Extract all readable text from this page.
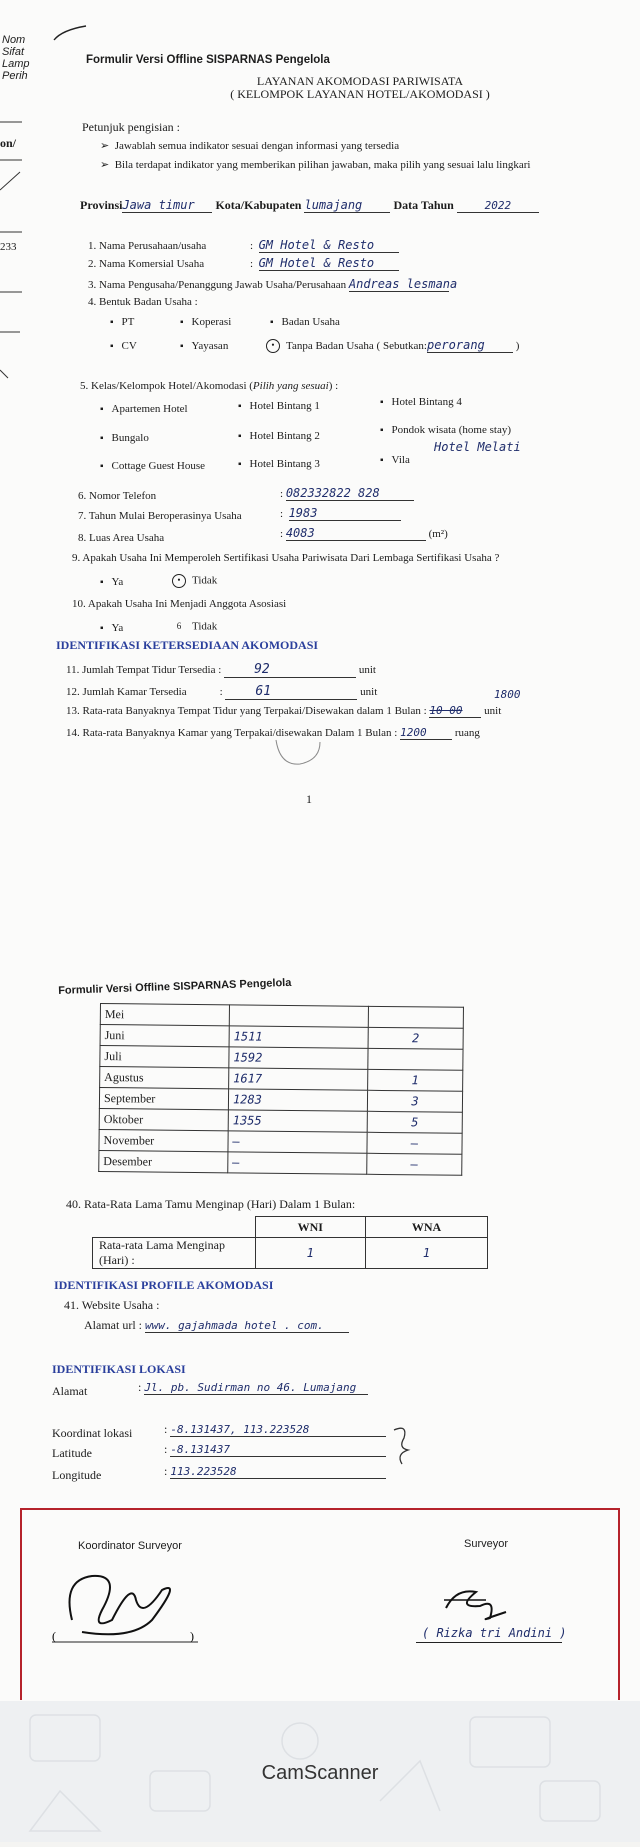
Nom
Sifat
Lamp
Perih
on/
233
Formulir Versi Offline SISPARNAS Pengelola
LAYANAN AKOMODASI PARIWISATA
( KELOMPOK LAYANAN HOTEL/AKOMODASI )
Petunjuk pengisian :
➢  Jawablah semua indikator sesuai dengan informasi yang tersedia
➢  Bila terdapat indikator yang memberikan pilihan jawaban, maka pilih yang sesuai lalu lingkari
ProvinsiJawa timur Kota/Kabupaten lumajang	Data Tahun	2022
1. Nama Perusahaan/usaha	:  GM Hotel & Resto
2. Nama Komersial Usaha	:  GM Hotel & Resto
3. Nama Pengusaha/Penanggung Jawab Usaha/Perusahaan Andreas lesmana
4. Bentuk Badan Usaha :
▪ PT	▪ Koperasi	▪ Badan Usaha
▪ CV	▪ Yayasan	• Tanpa Badan Usaha ( Sebutkan:perorang	)
5. Kelas/Kelompok Hotel/Akomodasi (Pilih yang sesuai) :
▪ Apartemen Hotel	▪ Hotel Bintang 1	▪ Hotel Bintang 4
▪ Bungalo	▪ Hotel Bintang 2	▪ Pondok wisata (home stay)
▪ Cottage Guest House	▪ Hotel Bintang 3	▪ Vila
Hotel Melati
6. Nomor Telefon	: 082332822 828
7. Tahun Mulai Beroperasinya Usaha	:  1983
8. Luas Area Usaha	: 4083	(m²)
9. Apakah Usaha Ini Memperoleh Sertifikasi Usaha Pariwisata Dari Lembaga Sertifikasi Usaha ?
▪ Ya	• Tidak
10. Apakah Usaha Ini Menjadi Anggota Asosiasi
▪ Ya	6 Tidak
IDENTIFIKASI KETERSEDIAAN AKOMODASI
11. Jumlah Tempat Tidur Tersedia :	92	unit
12. Jumlah Kamar Tersedia            : 61	unit
13. Rata-rata Banyaknya Tempat Tidur yang Terpakai/Disewakan dalam 1 Bulan : 10 00 unit
1800
14. Rata-rata Banyaknya Kamar yang Terpakai/disewakan Dalam 1 Bulan : 1200	ruang
1
Formulir Versi Offline SISPARNAS Pengelola
Mei		
Juni	1511	2
Juli	1592	
Agustus	1617	1
September	1283	3
Oktober	1355	5
November	—	—
Desember	—	—
40. Rata-Rata Lama Tamu Menginap (Hari) Dalam 1 Bulan:
	WNI	WNA
Rata-rata Lama Menginap (Hari) :	1	1
IDENTIFIKASI PROFILE AKOMODASI
41. Website Usaha :
Alamat url : www. gajahmada hotel . com.
IDENTIFIKASI LOKASI
Alamat	: Jl. pb. Sudirman no 46. Lumajang
Koordinat lokasi	: -8.131437, 113.223528
Latitude	: -8.131437
Longitude	: 113.223528
Koordinator Surveyor	Surveyor
(	)	( Rizka tri Andini )
CamScanner
